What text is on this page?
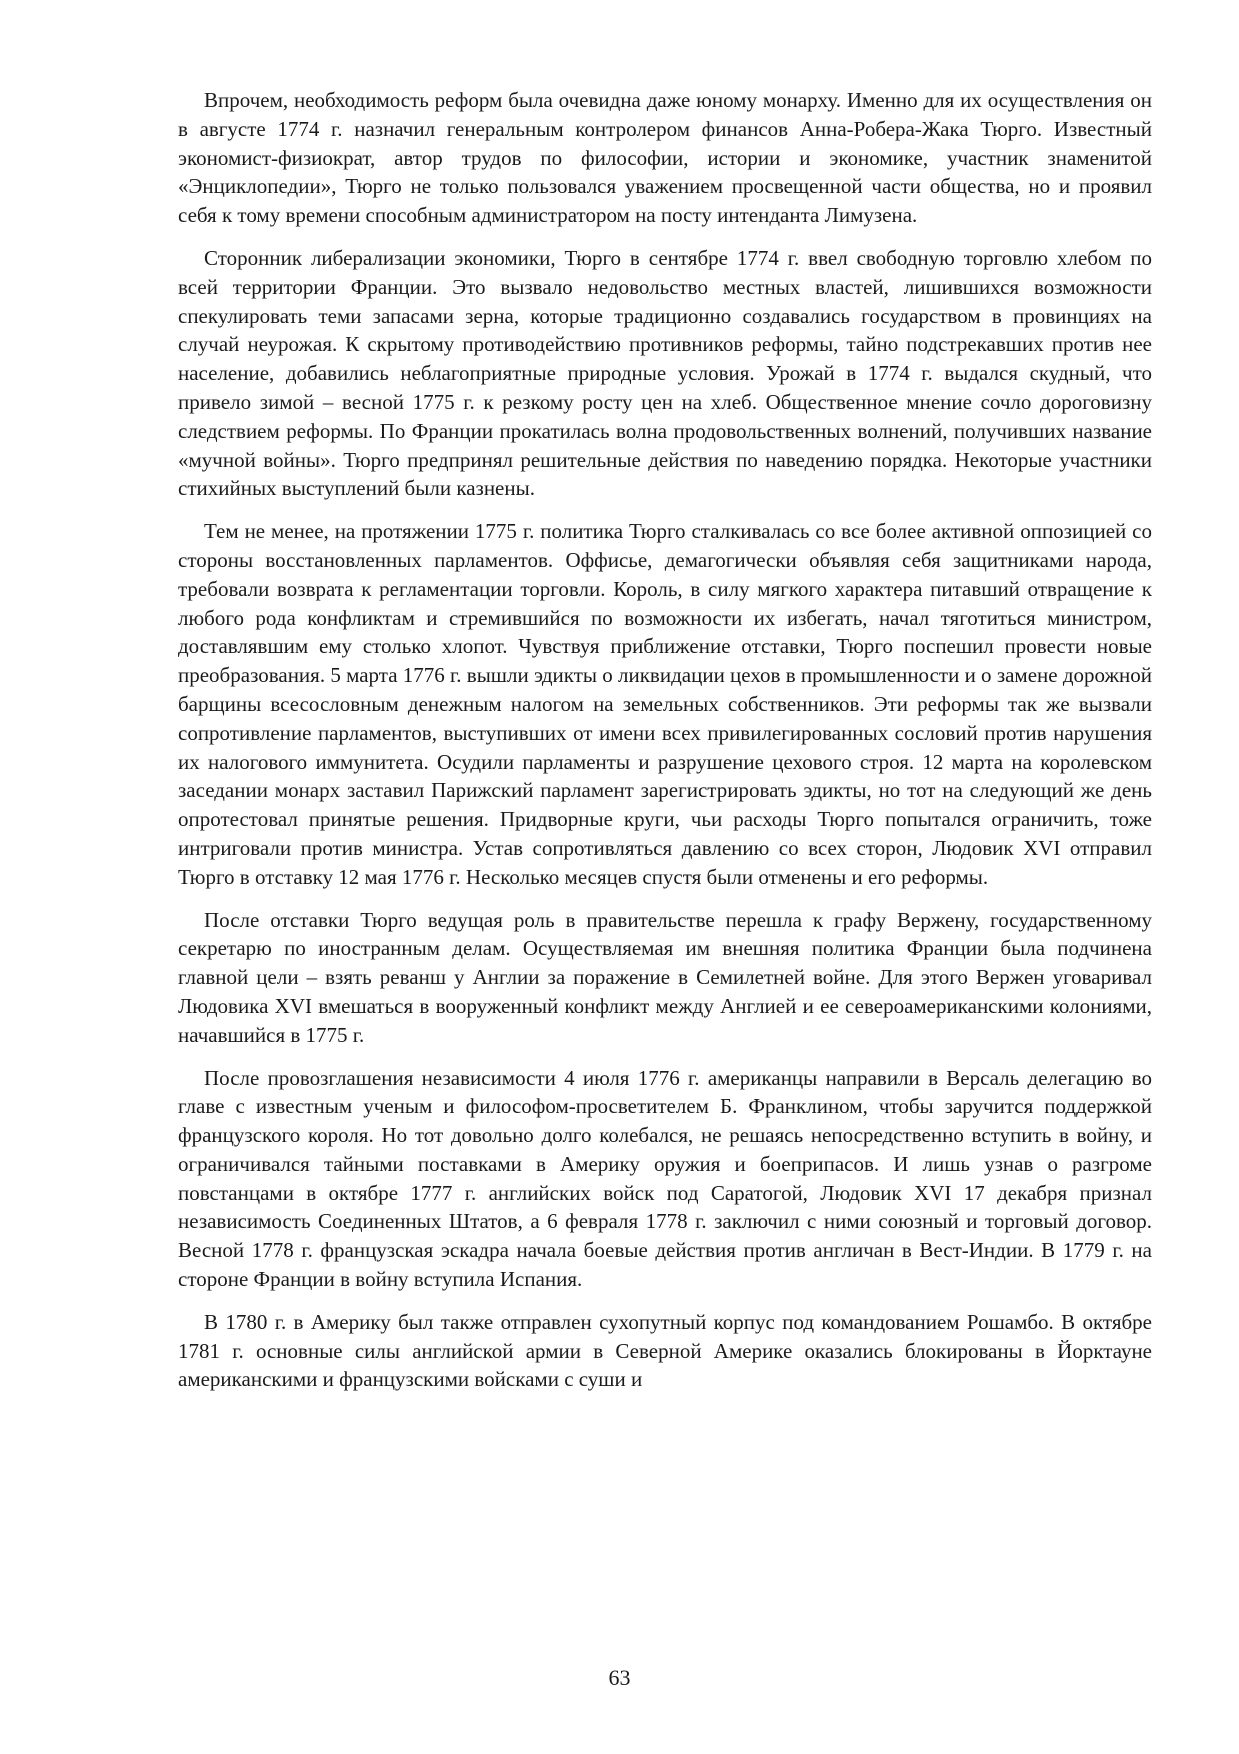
Впрочем, необходимость реформ была очевидна даже юному монарху. Именно для их осуществления он в августе 1774 г. назначил генеральным контролером финансов Анна-Робера-Жака Тюрго. Известный экономист-физиократ, автор трудов по философии, истории и экономике, участник знаменитой «Энциклопедии», Тюрго не только пользовался уважением просвещенной части общества, но и проявил себя к тому времени способным администратором на посту интенданта Лимузена.

Сторонник либерализации экономики, Тюрго в сентябре 1774 г. ввел свободную торговлю хлебом по всей территории Франции. Это вызвало недовольство местных властей, лишившихся возможности спекулировать теми запасами зерна, которые традиционно создавались государством в провинциях на случай неурожая. К скрытому противодействию противников реформы, тайно подстрекавших против нее население, добавились неблагоприятные природные условия. Урожай в 1774 г. выдался скудный, что привело зимой – весной 1775 г. к резкому росту цен на хлеб. Общественное мнение сочло дороговизну следствием реформы. По Франции прокатилась волна продовольственных волнений, получивших название «мучной войны». Тюрго предпринял решительные действия по наведению порядка. Некоторые участники стихийных выступлений были казнены.

Тем не менее, на протяжении 1775 г. политика Тюрго сталкивалась со все более активной оппозицией со стороны восстановленных парламентов. Оффисье, демагогически объявляя себя защитниками народа, требовали возврата к регламентации торговли. Король, в силу мягкого характера питавший отвращение к любого рода конфликтам и стремившийся по возможности их избегать, начал тяготиться министром, доставлявшим ему столько хлопот. Чувствуя приближение отставки, Тюрго поспешил провести новые преобразования. 5 марта 1776 г. вышли эдикты о ликвидации цехов в промышленности и о замене дорожной барщины всесословным денежным налогом на земельных собственников. Эти реформы так же вызвали сопротивление парламентов, выступивших от имени всех привилегированных сословий против нарушения их налогового иммунитета. Осудили парламенты и разрушение цехового строя. 12 марта на королевском заседании монарх заставил Парижский парламент зарегистрировать эдикты, но тот на следующий же день опротестовал принятые решения. Придворные круги, чьи расходы Тюрго попытался ограничить, тоже интриговали против министра. Устав сопротивляться давлению со всех сторон, Людовик XVI отправил Тюрго в отставку 12 мая 1776 г. Несколько месяцев спустя были отменены и его реформы.

После отставки Тюрго ведущая роль в правительстве перешла к графу Вержену, государственному секретарю по иностранным делам. Осуществляемая им внешняя политика Франции была подчинена главной цели – взять реванш у Англии за поражение в Семилетней войне. Для этого Вержен уговаривал Людовика XVI вмешаться в вооруженный конфликт между Англией и ее североамериканскими колониями, начавшийся в 1775 г.

После провозглашения независимости 4 июля 1776 г. американцы направили в Версаль делегацию во главе с известным ученым и философом-просветителем Б. Франклином, чтобы заручится поддержкой французского короля. Но тот довольно долго колебался, не решаясь непосредственно вступить в войну, и ограничивался тайными поставками в Америку оружия и боеприпасов. И лишь узнав о разгроме повстанцами в октябре 1777 г. английских войск под Саратогой, Людовик XVI 17 декабря признал независимость Соединенных Штатов, а 6 февраля 1778 г. заключил с ними союзный и торговый договор. Весной 1778 г. французская эскадра начала боевые действия против англичан в Вест-Индии. В 1779 г. на стороне Франции в войну вступила Испания.

В 1780 г. в Америку был также отправлен сухопутный корпус под командованием Рошамбо. В октябре 1781 г. основные силы английской армии в Северной Америке оказались блокированы в Йорктауне американскими и французскими войсками с суши и

63
